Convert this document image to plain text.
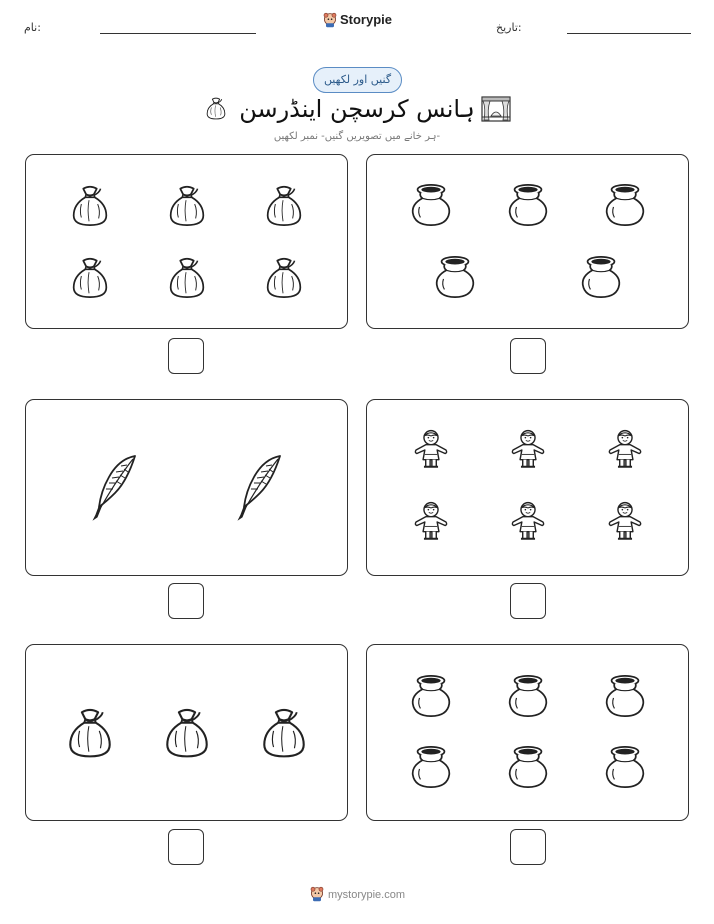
نام:
Storypie
تاریخ:
گنیں اور لکھیں
ہانس کرسچن اینڈرسن
ہر خانے میں تصویریں گنیں- نمبر لکھیں-
mystorypie.com
